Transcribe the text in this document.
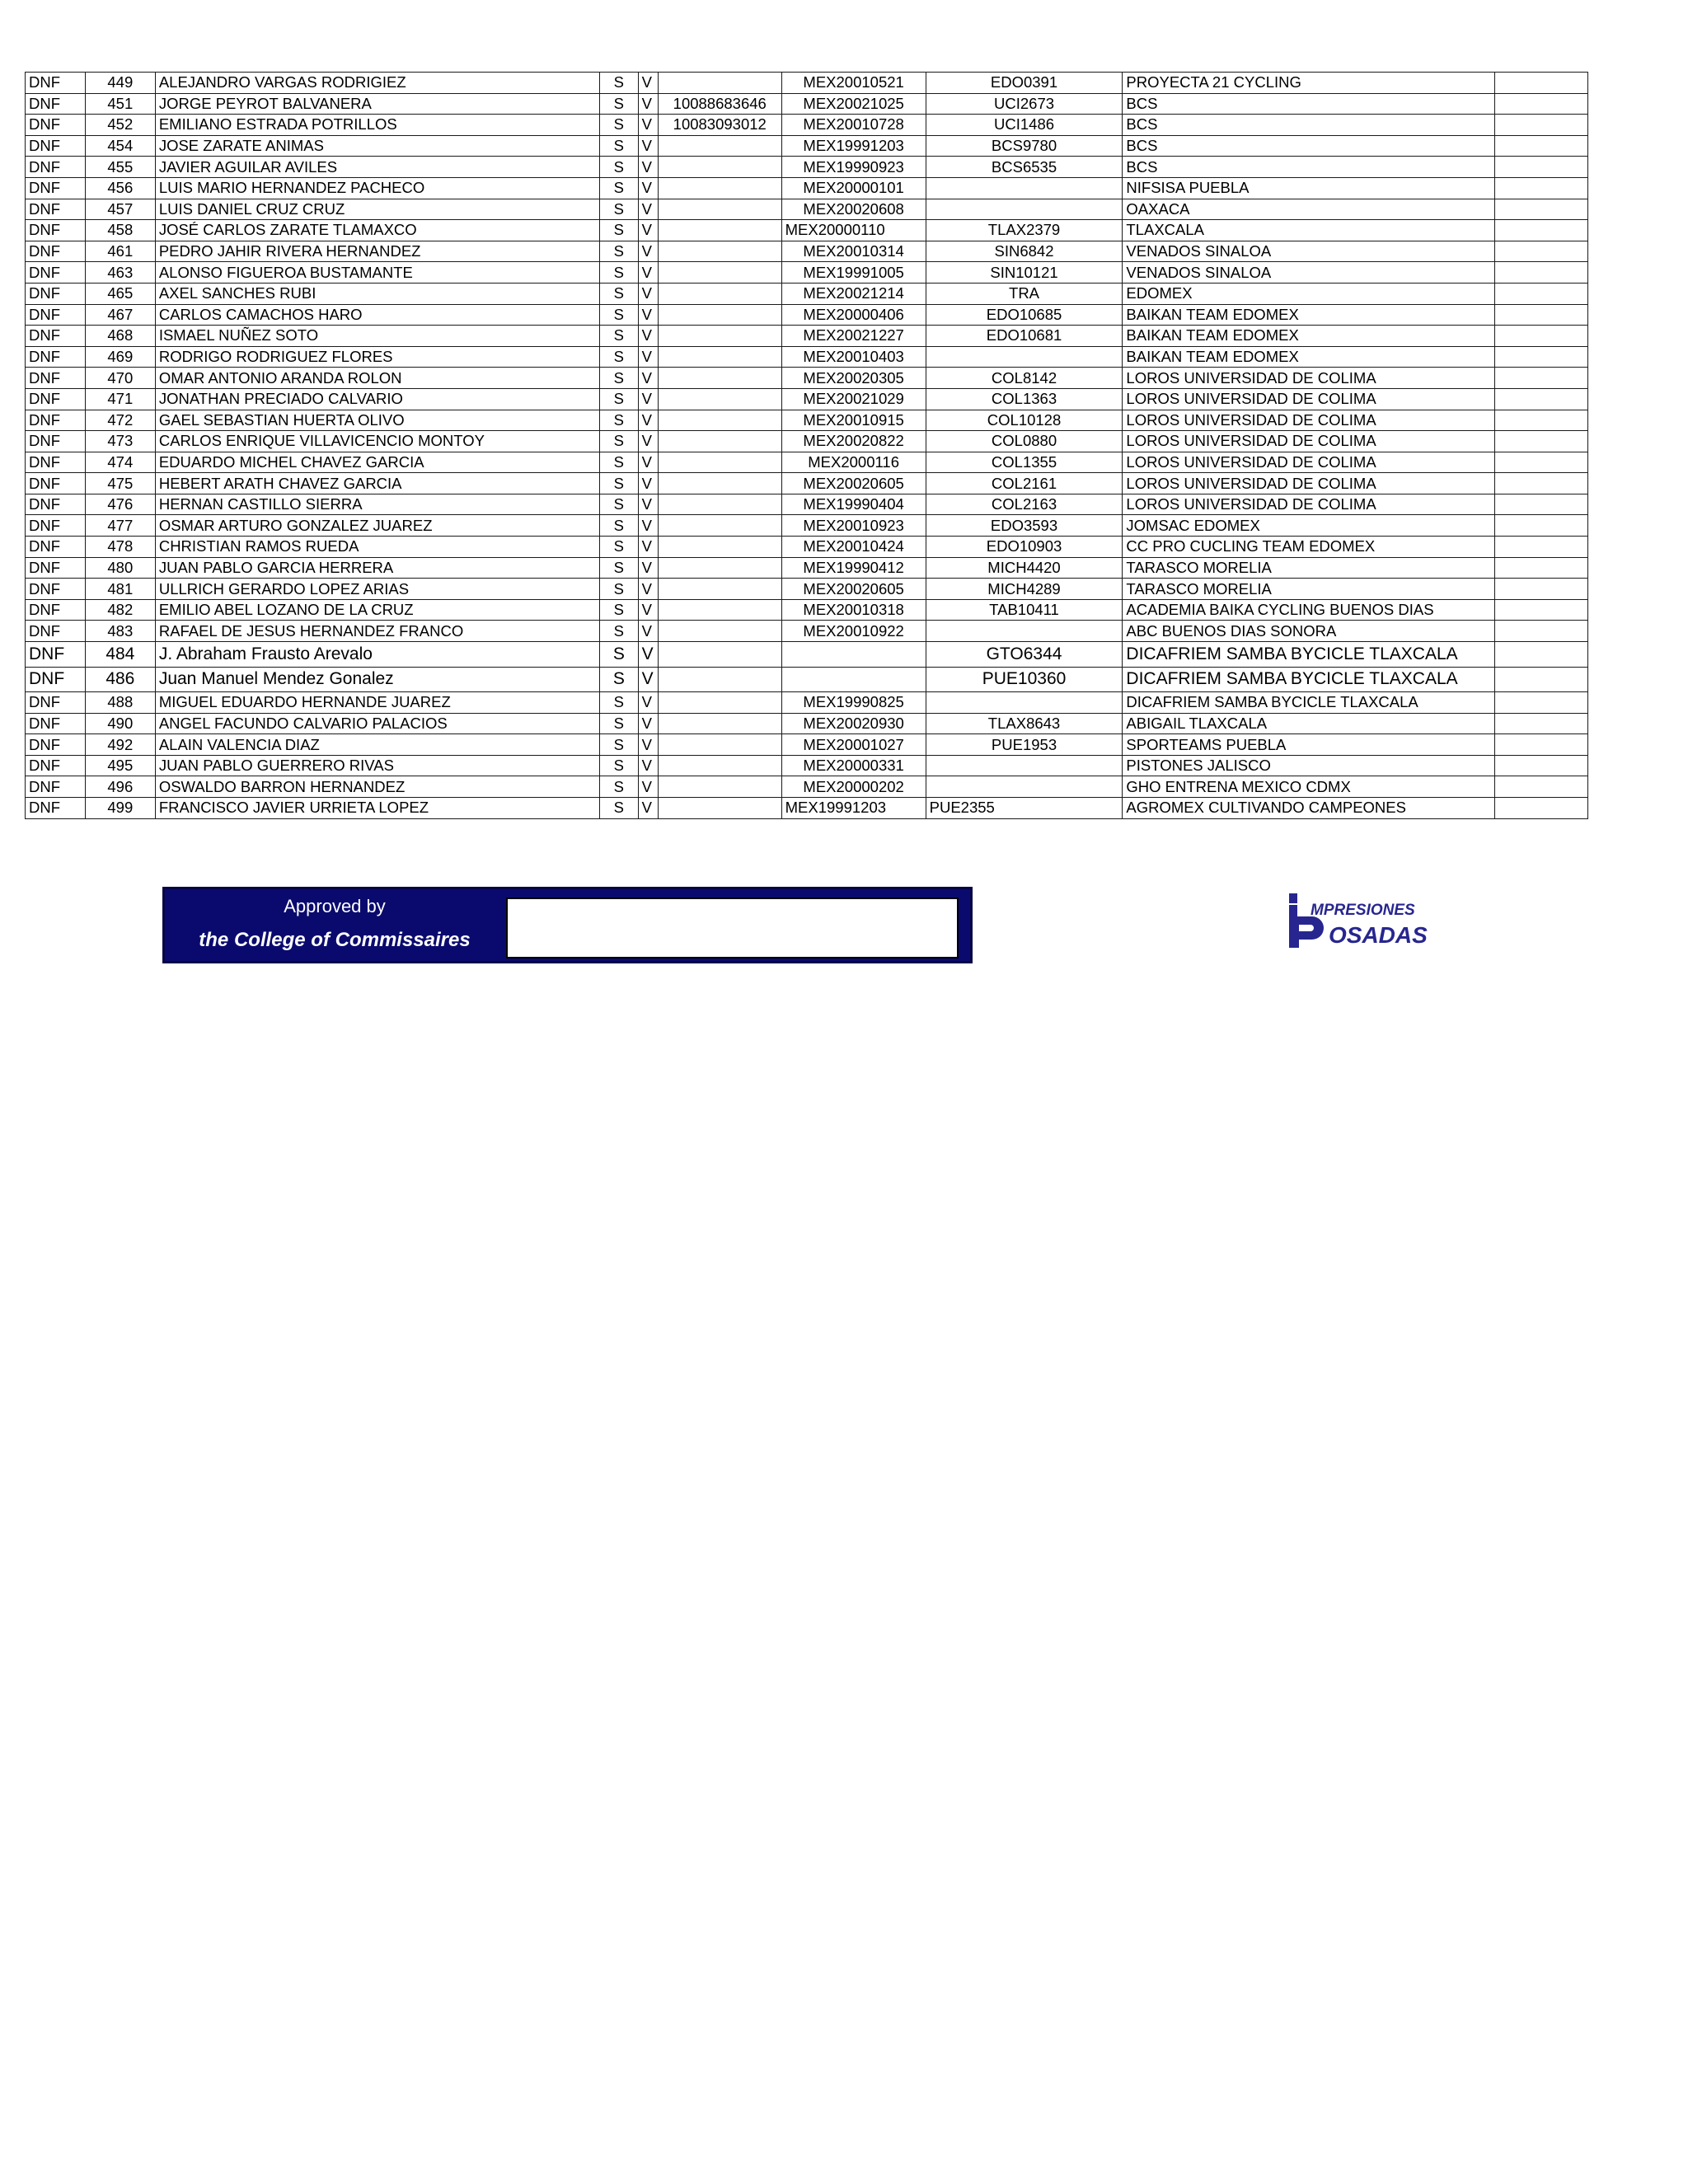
DNF	449	ALEJANDRO VARGAS RODRIGIEZ	S	V		MEX20010521	EDO0391	PROYECTA 21 CYCLING	
DNF	451	JORGE PEYROT BALVANERA	S	V	10088683646	MEX20021025	UCI2673	BCS	
DNF	452	EMILIANO ESTRADA POTRILLOS	S	V	10083093012	MEX20010728	UCI1486	BCS	
DNF	454	JOSE ZARATE ANIMAS	S	V		MEX19991203	BCS9780	BCS	
DNF	455	JAVIER AGUILAR AVILES	S	V		MEX19990923	BCS6535	BCS	
DNF	456	LUIS MARIO HERNANDEZ PACHECO	S	V		MEX20000101		NIFSISA PUEBLA	
DNF	457	LUIS DANIEL CRUZ CRUZ	S	V		MEX20020608		OAXACA	
DNF	458	JOSÉ CARLOS ZARATE TLAMAXCO	S	V		MEX20000110	TLAX2379	TLAXCALA	
DNF	461	PEDRO JAHIR RIVERA HERNANDEZ	S	V		MEX20010314	SIN6842	VENADOS SINALOA	
DNF	463	ALONSO FIGUEROA BUSTAMANTE	S	V		MEX19991005	SIN10121	VENADOS SINALOA	
DNF	465	AXEL SANCHES RUBI	S	V		MEX20021214	TRA	EDOMEX	
DNF	467	CARLOS CAMACHOS HARO	S	V		MEX20000406	EDO10685	BAIKAN TEAM EDOMEX	
DNF	468	ISMAEL NUÑEZ SOTO	S	V		MEX20021227	EDO10681	BAIKAN TEAM EDOMEX	
DNF	469	RODRIGO RODRIGUEZ FLORES	S	V		MEX20010403		BAIKAN TEAM EDOMEX	
DNF	470	OMAR ANTONIO ARANDA ROLON	S	V		MEX20020305	COL8142	LOROS UNIVERSIDAD DE COLIMA	
DNF	471	JONATHAN PRECIADO CALVARIO	S	V		MEX20021029	COL1363	LOROS UNIVERSIDAD DE COLIMA	
DNF	472	GAEL SEBASTIAN HUERTA OLIVO	S	V		MEX20010915	COL10128	LOROS UNIVERSIDAD DE COLIMA	
DNF	473	CARLOS ENRIQUE VILLAVICENCIO MONTOY	S	V		MEX20020822	COL0880	LOROS UNIVERSIDAD DE COLIMA	
DNF	474	EDUARDO MICHEL CHAVEZ GARCIA	S	V		MEX2000116	COL1355	LOROS UNIVERSIDAD DE COLIMA	
DNF	475	HEBERT ARATH CHAVEZ GARCIA	S	V		MEX20020605	COL2161	LOROS UNIVERSIDAD DE COLIMA	
DNF	476	HERNAN CASTILLO SIERRA	S	V		MEX19990404	COL2163	LOROS UNIVERSIDAD DE COLIMA	
DNF	477	OSMAR ARTURO GONZALEZ JUAREZ	S	V		MEX20010923	EDO3593	JOMSAC EDOMEX	
DNF	478	CHRISTIAN RAMOS RUEDA	S	V		MEX20010424	EDO10903	CC PRO CUCLING TEAM EDOMEX	
DNF	480	JUAN PABLO GARCIA HERRERA	S	V		MEX19990412	MICH4420	TARASCO MORELIA	
DNF	481	ULLRICH GERARDO LOPEZ ARIAS	S	V		MEX20020605	MICH4289	TARASCO MORELIA	
DNF	482	EMILIO ABEL LOZANO DE LA CRUZ	S	V		MEX20010318	TAB10411	ACADEMIA BAIKA CYCLING BUENOS DIAS	
DNF	483	RAFAEL DE JESUS HERNANDEZ FRANCO	S	V		MEX20010922		ABC BUENOS DIAS SONORA	
DNF	484	J. Abraham Frausto Arevalo	S	V			GTO6344	DICAFRIEM SAMBA BYCICLE TLAXCALA	
DNF	486	Juan Manuel Mendez Gonalez	S	V			PUE10360	DICAFRIEM SAMBA BYCICLE TLAXCALA	
DNF	488	MIGUEL EDUARDO HERNANDE JUAREZ	S	V		MEX19990825		DICAFRIEM SAMBA BYCICLE TLAXCALA	
DNF	490	ANGEL FACUNDO CALVARIO PALACIOS	S	V		MEX20020930	TLAX8643	ABIGAIL TLAXCALA	
DNF	492	ALAIN VALENCIA DIAZ	S	V		MEX20001027	PUE1953	SPORTEAMS PUEBLA	
DNF	495	JUAN PABLO GUERRERO RIVAS	S	V		MEX20000331		PISTONES JALISCO	
DNF	496	OSWALDO BARRON HERNANDEZ	S	V		MEX20000202		GHO ENTRENA MEXICO CDMX	
DNF	499	FRANCISCO JAVIER URRIETA LOPEZ	S	V		MEX19991203	PUE2355	AGROMEX CULTIVANDO CAMPEONES	
Approved by
the College of Commissaires
MPRESIONES
OSADAS
